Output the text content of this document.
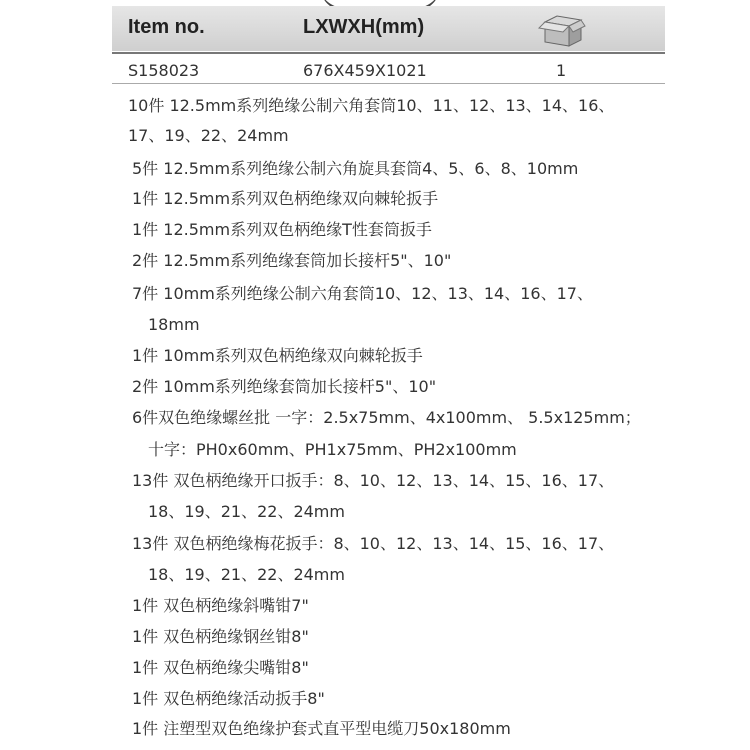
Item no.	LXWXH(mm)
S158023	676X459X1021	1
10件 12.5mm系列绝缘公制六角套筒10、11、12、13、14、16、
17、19、22、24mm
5件 12.5mm系列绝缘公制六角旋具套筒4、5、6、8、10mm
1件 12.5mm系列双色柄绝缘双向棘轮扳手
1件 12.5mm系列双色柄绝缘T性套筒扳手
2件 12.5mm系列绝缘套筒加长接杆5"、10"
7件 10mm系列绝缘公制六角套筒10、12、13、14、16、17、
18mm
1件 10mm系列双色柄绝缘双向棘轮扳手
2件 10mm系列绝缘套筒加长接杆5"、10"
6件双色绝缘螺丝批 一字：2.5x75mm、4x100mm、 5.5x125mm；
十字：PH0x60mm、PH1x75mm、PH2x100mm
13件 双色柄绝缘开口扳手：8、10、12、13、14、15、16、17、
18、19、21、22、24mm
13件 双色柄绝缘梅花扳手：8、10、12、13、14、15、16、17、
18、19、21、22、24mm
1件 双色柄绝缘斜嘴钳7"
1件 双色柄绝缘钢丝钳8"
1件 双色柄绝缘尖嘴钳8"
1件 双色柄绝缘活动扳手8"
1件 注塑型双色绝缘护套式直平型电缆刀50x180mm
